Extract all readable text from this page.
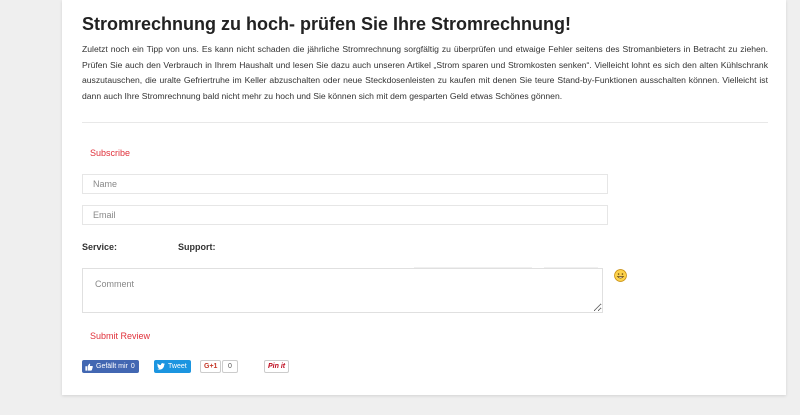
Stromrechnung zu hoch- prüfen Sie Ihre Stromrechnung!

Zuletzt noch ein Tipp von uns. Es kann nicht schaden die jährliche Stromrechnung sorgfältig zu überprüfen und etwaige Fehler seitens des Stromanbieters in Betracht zu ziehen. Prüfen Sie auch den Verbrauch in Ihrem Haushalt und lesen Sie dazu auch unseren Artikel „Strom sparen und Stromkosten senken“. Vielleicht lohnt es sich den alten Kühlschrank auszutauschen, die uralte Gefriertruhe im Keller abzuschalten oder neue Steckdosenleisten zu kaufen mit denen Sie teure Stand-by-Funktionen ausschalten können. Vielleicht ist dann auch Ihre Stromrechnung bald nicht mehr zu hoch und Sie können sich mit dem gesparten Geld etwas Schönes gönnen.

Subscribe
Name
Email
Service:	Support:
Comment
Submit Review
Gefällt mir 0	Tweet	G+1	0	Pin it
